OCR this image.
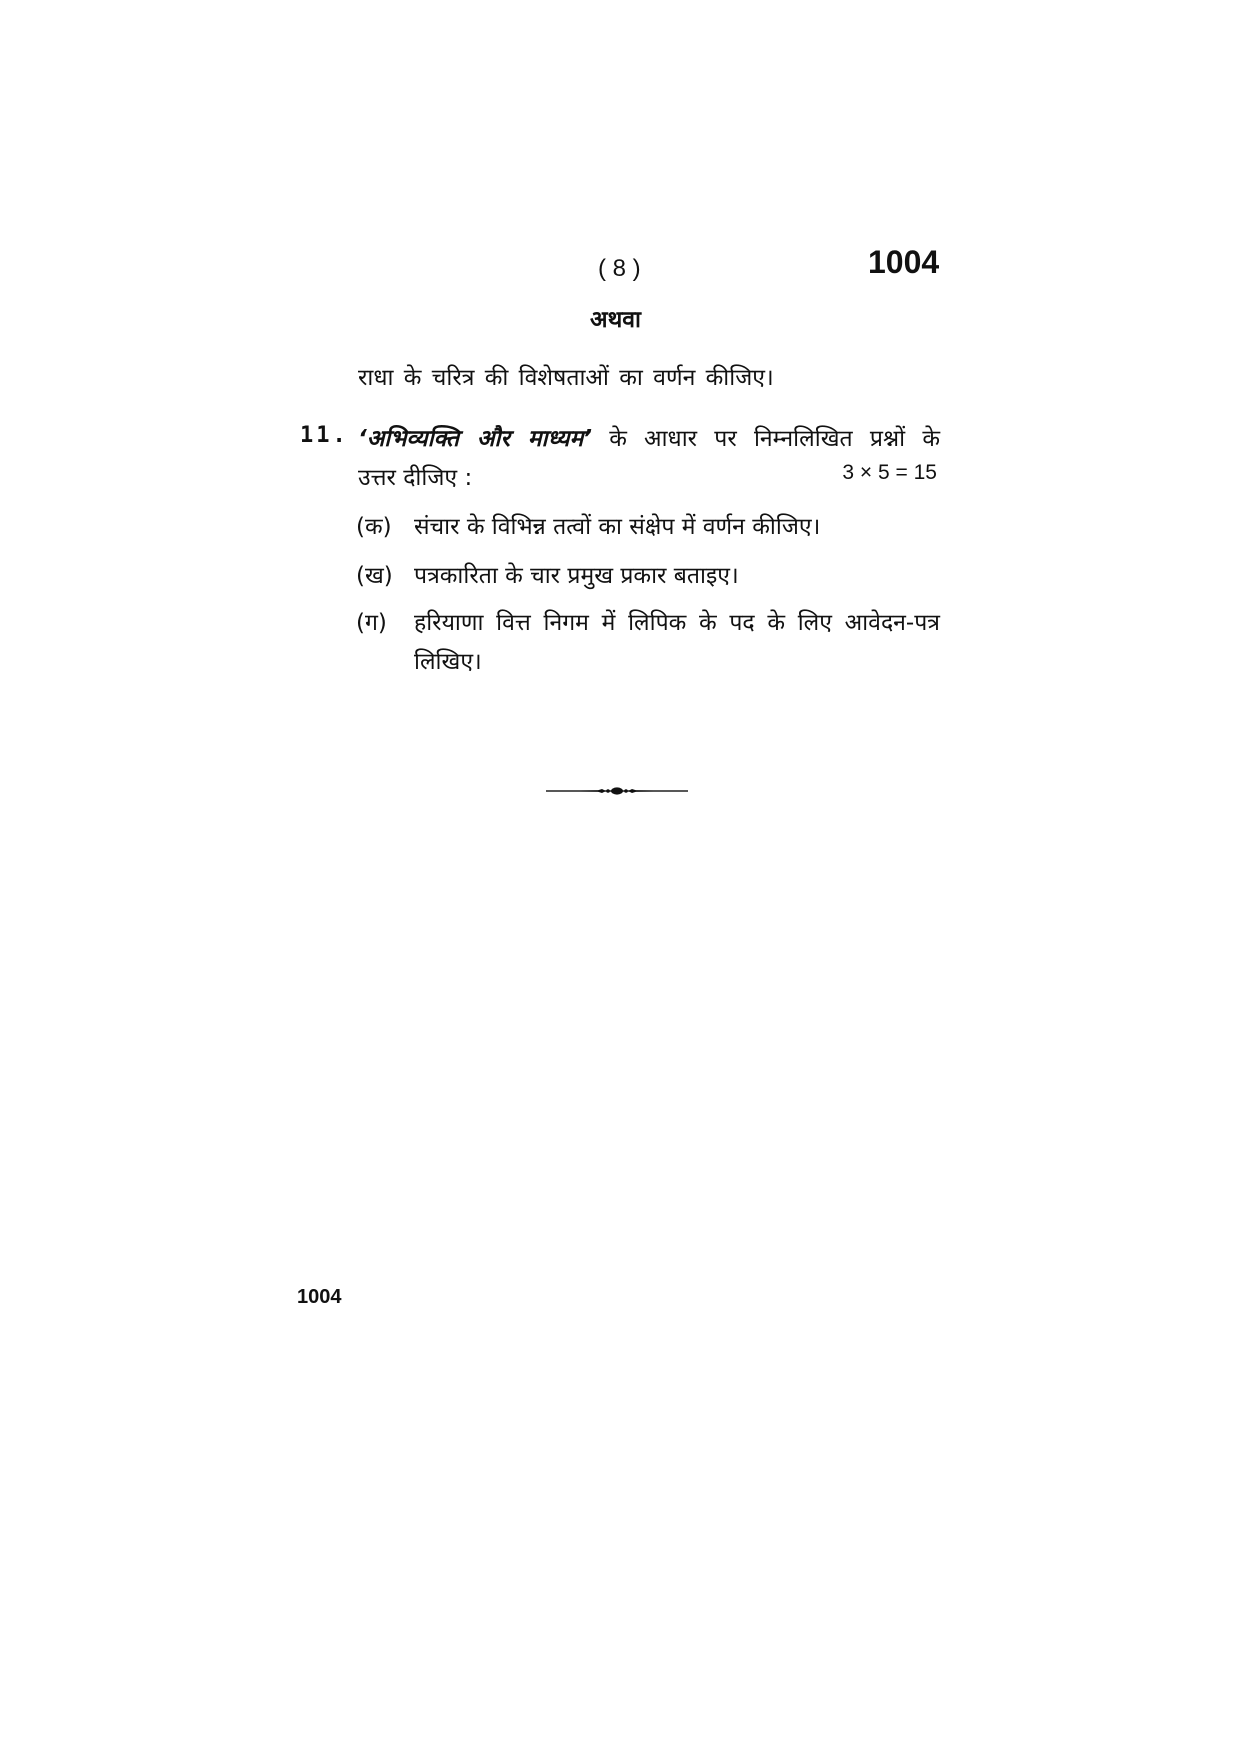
( 8 )	1004
अथवा
राधा के चरित्र की विशेषताओं का वर्णन कीजिए।
11. ‘अभिव्यक्ति और माध्यम’ के आधार पर निम्नलिखित प्रश्नों के
उत्तर दीजिए :	3 × 5 = 15
(क) संचार के विभिन्न तत्वों का संक्षेप में वर्णन कीजिए।
(ख) पत्रकारिता के चार प्रमुख प्रकार बताइए।
(ग) हरियाणा वित्त निगम में लिपिक के पद के लिए आवेदन-पत्र
लिखिए।
1004
